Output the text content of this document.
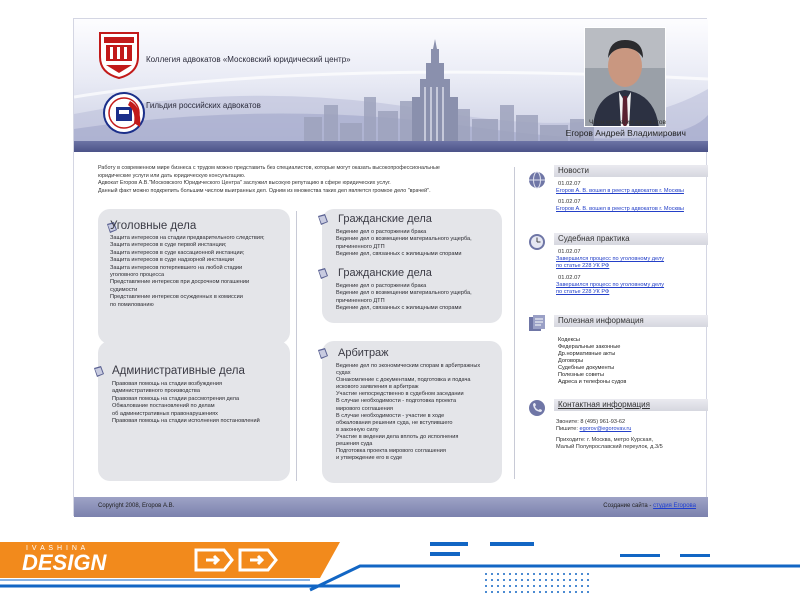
Коллегия адвокатов «Московский юридический центр»
Гильдия российских адвокатов
Член коллегии адвокатов
Егоров Андрей Владимирович

Работу в современном мире бизнеса с трудом можно представить без специалистов, которые могут оказать высокопрофессиональные

юридические услуги или дать юридическую консультацию.

Адвокат Егоров А.В."Московского Юридического Центра" заслужил высокую репутацию в сфере юридических услуг.

Данный факт можно подкрепить большим числом выигранных дел. Одним из множества таких дел является громкое дело "врачей".

Уголовные дела
Защита интересов на стадии предварительного следствия;
Защита интересов в суде первой инстанции;
Защита интересов в суде кассационной инстанции;
Защита интересов в суде надзорной инстанции
Защита интересов потерпевшего на любой стадии
уголовного процесса
Представление интересов при досрочном погашении
судимости
Представление интересов осужденных в комиссии
по помилованию
Гражданские дела
Ведение дел о расторжении брака
Ведение дел о возмещении материального ущерба,
причиненного ДТП
Ведение дел, связанных с жилищными спорами
Гражданские дела
Ведение дел о расторжении брака
Ведение дел о возмещении материального ущерба,
причиненного ДТП
Ведение дел, связанных с жилищными спорами
Административные дела
Правовая помощь на стадии возбуждения
административного производства
Правовая помощь на стадии рассмотрения дела
Обжалование постановлений по делам
об административных правонарушениях
Правовая помощь на стадии исполнения постановлений
Арбитраж
Ведение дел по экономическим спорам в арбитражных
судах
Ознакомление с документами, подготовка и подача
искового заявления в арбитраж
Участие непосредственно в судебном заседании
В случае необходимости - подготовка проекта
мирового соглашения
В случае необходимости - участие в ходе
обжалования решения суда, не вступившего
в законную силу
Участие в ведении дела вплоть до исполнения
решения суда
Подготовка проекта мирового соглашения
и утверждение его в суде
Новости
01.02.07
Егоров А. В. вошел в реестр адвокатов г. Москвы
01.02.07
Егоров А. В. вошел в реестр адвокатов г. Москвы
Судебная практика
01.02.07
Завершился процесс по уголовному делу
по статье 228 УК РФ
01.02.07
Завершился процесс по уголовному делу
по статье 228 УК РФ
Полезная информация
Кодексы
Федеральные законные
Др.нормативные акты
Договоры
Судебные документы
Полезные советы
Адреса и телефоны судов
Контактная информация
Звоните: 8 (495) 961-93-62
Пишите: egorov@egorovav.ru
Приходите: г. Москва, метро Курская,
Малый Полуярославский переулок, д.3/5
Copyright 2008, Егоров А.В.	Создание сайта - студия Егорова
I V A S H I N A
DESIGN
